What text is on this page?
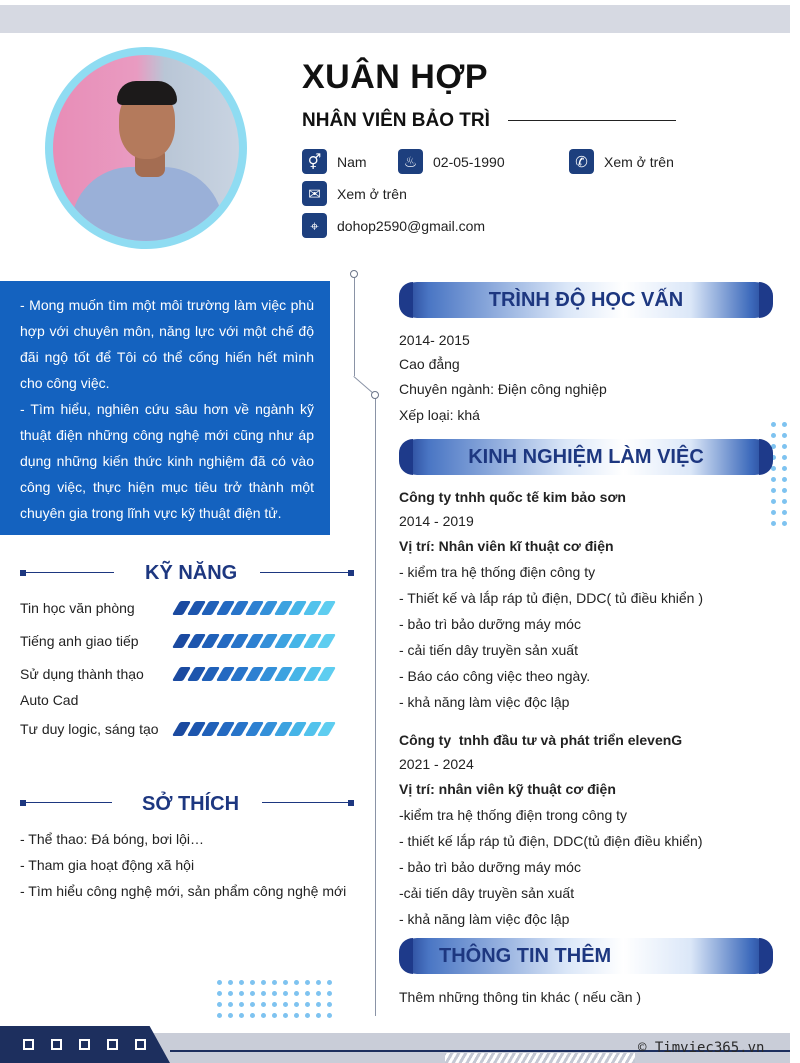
XUÂN HỢP
NHÂN VIÊN BẢO TRÌ
⚥	Nam	♨	02-05-1990	✆	Xem ở trên
✉	Xem ở trên
⌖	dohop2590@gmail.com

- Mong muốn tìm một môi trường làm việc phù hợp với chuyên môn, năng lực với một chế độ đãi ngộ tốt để Tôi có thể cống hiến hết mình cho công việc.

- Tìm hiểu, nghiên cứu sâu hơn về ngành kỹ thuật điện những công nghệ mới cũng như áp dụng những kiến thức kinh nghiệm đã có vào công việc, thực hiện mục tiêu trở thành một chuyên gia trong lĩnh vực kỹ thuật điện tử.

KỸ NĂNG
Tin học văn phòng
Tiếng anh giao tiếp
Sử dụng thành thạo Auto Cad
Tư duy logic, sáng tạo
SỞ THÍCH
- Thể thao: Đá bóng, bơi lội…
- Tham gia hoạt động xã hội
- Tìm hiểu công nghệ mới, sản phẩm công nghệ mới
TRÌNH ĐỘ HỌC VẤN
2014- 2015
Cao đẳng
Chuyên ngành: Điện công nghiệp
Xếp loại: khá
KINH NGHIỆM LÀM VIỆC
Công ty tnhh quốc tế kim bảo sơn
2014 - 2019
Vị trí: Nhân viên kĩ thuật cơ điện
- kiểm tra hệ thống điện công ty
- Thiết kế và lắp ráp tủ điện, DDC( tủ điều khiển )
- bảo trì bảo dưỡng máy móc
- cải tiến dây truyền sản xuất
- Báo cáo công việc theo ngày.
- khả năng làm việc độc lập
Công ty  tnhh đầu tư và phát triển elevenG
2021 - 2024
Vị trí: nhân viên kỹ thuật cơ điện
-kiểm tra hệ thống điện trong công ty
- thiết kế lắp ráp tủ điện, DDC(tủ điện điều khiển)
- bảo trì bảo dưỡng máy móc
-cải tiến dây truyền sản xuất
- khả năng làm việc độc lập
THÔNG TIN THÊM
Thêm những thông tin khác ( nếu cần )
© Timviec365.vn
